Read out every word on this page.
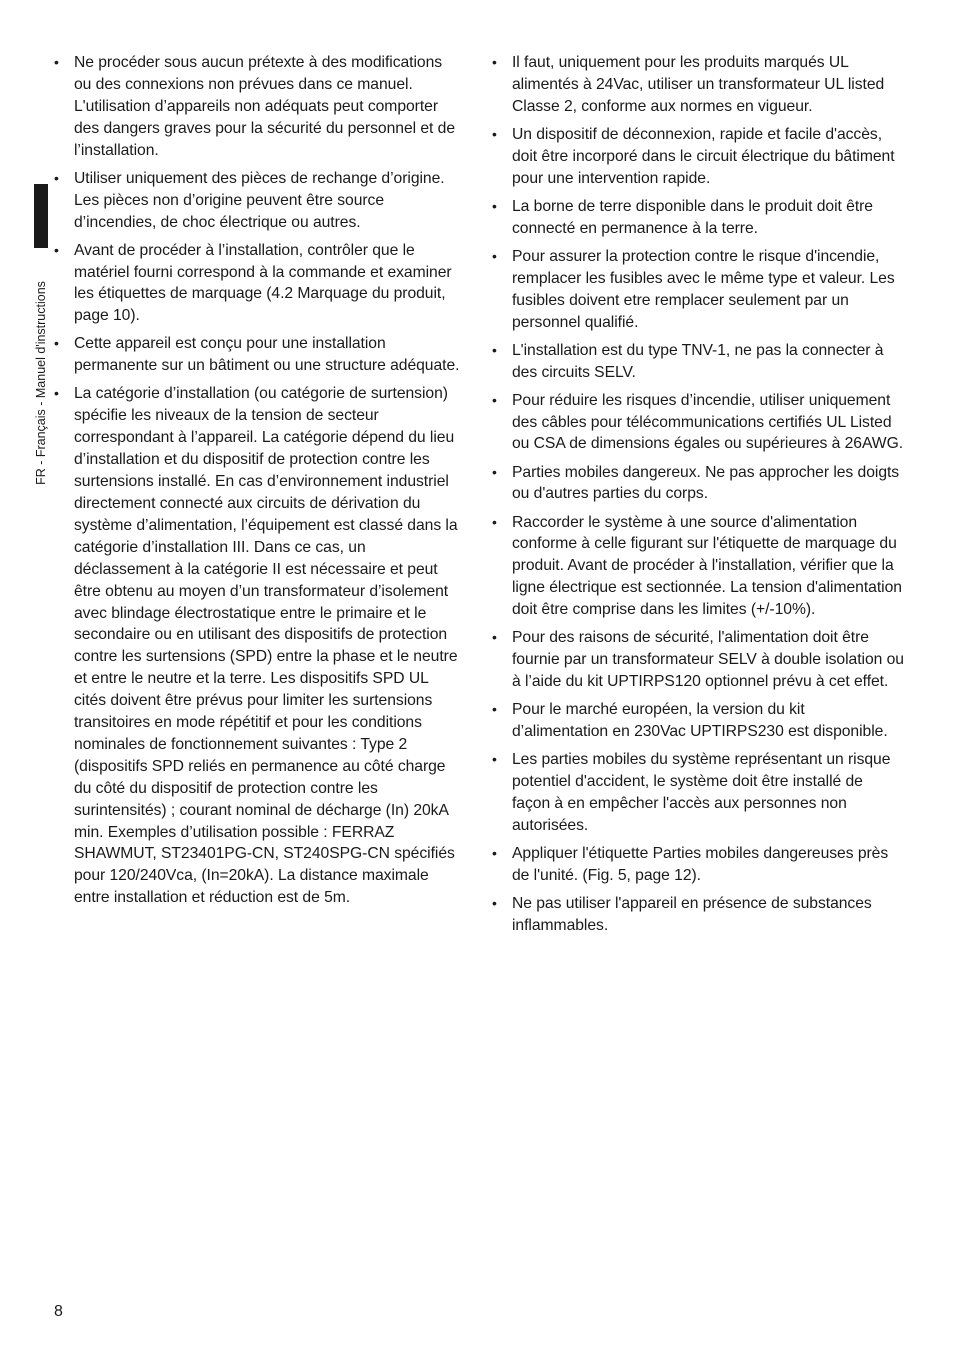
FR - Français - Manuel d'instructions
• Ne procéder sous aucun prétexte à des modifications ou des connexions non prévues dans ce manuel. L'utilisation d’appareils non adéquats peut comporter des dangers graves pour la sécurité du personnel et de l’installation.
• Utiliser uniquement des pièces de rechange d’origine. Les pièces non d’origine peuvent être source d’incendies, de choc électrique ou autres.
• Avant de procéder à l’installation, contrôler que le matériel fourni correspond à la commande et examiner les étiquettes de marquage (4.2 Marquage du produit, page 10).
• Cette appareil est conçu pour une installation permanente sur un bâtiment ou une structure adéquate.
• La catégorie d’installation (ou catégorie de surtension) spécifie les niveaux de la tension de secteur correspondant à l’appareil. La catégorie dépend du lieu d’installation et du dispositif de protection contre les surtensions installé. En cas d’environnement industriel directement connecté aux circuits de dérivation du système d’alimentation, l’équipement est classé dans la catégorie d’installation III. Dans ce cas, un déclassement à la catégorie II est nécessaire et peut être obtenu au moyen d’un transformateur d’isolement avec blindage électrostatique entre le primaire et le secondaire ou en utilisant des dispositifs de protection contre les surtensions (SPD) entre la phase et le neutre et entre le neutre et la terre. Les dispositifs SPD UL cités doivent être prévus pour limiter les surtensions transitoires en mode répétitif et pour les conditions nominales de fonctionnement suivantes : Type 2 (dispositifs SPD reliés en permanence au côté charge du côté du dispositif de protection contre les surintensités) ; courant nominal de décharge (In) 20kA min. Exemples d’utilisation possible : FERRAZ SHAWMUT, ST23401PG-CN, ST240SPG-CN spécifiés pour 120/240Vca, (In=20kA). La distance maximale entre installation et réduction est de 5m.
• Il faut, uniquement pour les produits marqués UL alimentés à 24Vac, utiliser un transformateur UL listed Classe 2, conforme aux normes en vigueur.
• Un dispositif de déconnexion, rapide et facile d'accès, doit être incorporé dans le circuit électrique du bâtiment pour une intervention rapide.
• La borne de terre disponible dans le produit doit être connecté en permanence à la terre.
• Pour assurer la protection contre le risque d'incendie, remplacer les fusibles avec le même type et valeur. Les fusibles doivent etre remplacer seulement par un personnel qualifié.
• L'installation est du type TNV-1, ne pas la connecter à des circuits SELV.
• Pour réduire les risques d’incendie, utiliser uniquement des câbles pour télécommunications certifiés UL Listed ou CSA de dimensions égales ou supérieures à 26AWG.
• Parties mobiles dangereux. Ne pas approcher les doigts ou d'autres parties du corps.
• Raccorder le système à une source d'alimentation conforme à celle figurant sur l'étiquette de marquage du produit. Avant de procéder à l'installation, vérifier que la ligne électrique est sectionnée. La tension d'alimentation doit être comprise dans les limites (+/-10%).
• Pour des raisons de sécurité, l'alimentation doit être fournie par un transformateur SELV à double isolation ou à l’aide du kit UPTIRPS120 optionnel prévu à cet effet.
• Pour le marché européen, la version du kit d’alimentation en 230Vac UPTIRPS230 est disponible.
• Les parties mobiles du système représentant un risque potentiel d'accident, le système doit être installé de façon à en empêcher l'accès aux personnes non autorisées.
• Appliquer l'étiquette Parties mobiles dangereuses près de l'unité. (Fig. 5, page 12).
• Ne pas utiliser l'appareil en présence de substances inflammables.
8
